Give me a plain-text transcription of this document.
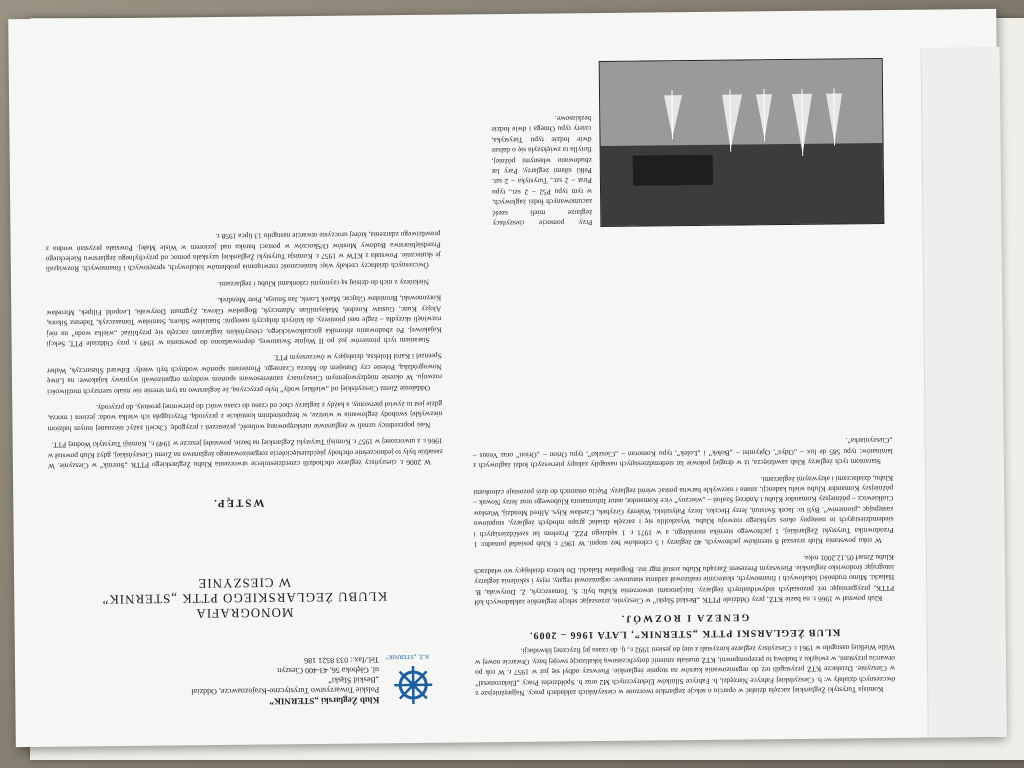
K.Ż. „STERNIK”
Klub Żeglarski „STERNIK”
Polskie Towarzystwo Turystyczno-Krajoznawcze, Oddział
„Beskid Śląski”
ul. Głęboka 56, 43-400 Cieszyn
Tel./fax.: 033 8521 186
MONOGRAFIA
KLUBU ŻEGLARSKIEGO PTTK „STERNIK”
W CIESZYNIE
WSTĘP.

W 2006 r. cieszyńscy żeglarze obchodzili czterdziestolecie utworzenia Klubu Żeglarskiego PTTK „Sternik” w Cieszynie. W zasadzie były to jednocześnie obchody pięćdziesięciolecia zorganizowanego żeglarstwa na Ziemi Cieszyńskiej, gdyż Klub powstał w 1966 r. z utworzonej w 1957 r. Komisji Turystyki Żeglarskiej na bazie, powstałej jeszcze w 1949 r., Komisji Turystyki Wodnej PTT.

Nasi poprzednicy uznali w żeglarstwie nieskrępowaną wolność, przestrzeń i przygodę. Chcieli zażyć nieznanej innym ludziom niezwykłej swobody żeglowania w wietrze, w bezpośrednim kontakcie z przyrodą. Przyciągała ich wielka woda: jeziora i morza, gdzie jest to żywioł pierwotny, a każdy z żeglarzy choć od czasu do czasu wróci do pierwotnej prostoty, do przyrody.

Oddalenie Ziemi Cieszyńskiej od „wielkiej wody” było przyczyną, że żeglarstwo na tym terenie nie miało szerszych możliwości rozwoju. W okresie międzywojennym Cieszyniacy zainteresowani sportem wodnym organizowali wyprawy kajakowe: na Litwę Nowogródzką, Polesie czy Dunajem do Morza Czarnego. Pionierami sportów wodnych byli wtedy: Edward Ślusarczyk, Walter Sprenzel i Karol Holeksa, działający w ówczesnym PTT.

Staraniem tych pionierów już po II Wojnie Światowej, doprowadzono do powstania w 1949 r. przy Oddziale PTT, Sekcji Kajakowej. Po zbudowaniu zbiornika goczałkowickiego, cieszyńskim żeglarzom zaczęła się przybliżać „wielka woda” na niej rozwinęli skrzydła – żagle nasi pionierzy, do których dołączyli następni: Stanisław Sikora, Stanisław Tomaszczyk, Tadeusz Sikora, Alojzy Kunc, Gustaw Kozdoń, Maksymilian Adamczyk, Bogusław Glowa, Zygmunt Dorywała, Leopold Filipek, Mirosław Korzonowski, Bronisław Glajcar, Marek Lorek, Jan Śmieja, Piotr Mendrek.

Niektórzy z nich do dzisiaj są czynnymi członkami Klubu i żeglarzami.

Ówczesnych działaczy czekały więc konieczność rozwiązania problemów lokalowych, sprzętowych i finansowych. Rozwiązali je skutecznie. Powstała z KTW w 1957 r. Komisja Turystyki Żeglarskiej uzyskała pomoc od przychylnego żeglarstwu Kieleckiego Przedsiębiorstwa Budowy Mostów O/Skoczów w postaci baraku nad jeziorem w Wisle Małej. Powstała przystań wodna z prawdziwego zdarzenia, której uroczyste otwarcie nastąpiło 13 lipca 1958 r.

Komisja Turystyki Żeglarskiej zaczęła działać w oparciu o sekcje żeglarskie tworzone w cieszyńskich zakładach pracy. Najprężniejsze z ówczesnych działały w: b. Cieszyńskiej Fabryce Narzędzi, b. Fabryce Silników Elektrycznych M2 oraz b. Spółdzielni Pracy „Elektrometal” w Cieszynie. Działacze KTŻ przystąpili też do organizowania kursów na stopnie żeglarskie. Pierwszy odbył się już w 1957 r. W rok po otwarciu przystani, w związku z budową tu przepompowni, KTŻ musiała zmienić dotychczasową lokalizację swojej bazy. Otwarcie nowej w Wiśle Wielkiej nastąpiło w 1961 r. Cieszyńscy żeglarze korzystali z niej do jesieni 1992 r., tj. do czasu jej fizycznej likwidacji.

KLUB ŻEGLARSKI PTTK „STERNIK”, LATA 1966 – 2009.

GENEZA I ROZWÓJ.

Klub powstał w 1966 r. na bazie KTŻ, przy Oddziale PTTK „Beskid Śląski” w Cieszynie, zrzeszając sekcje żeglarskie zakładowych kół PTTK, przygarniając też pozostałych indywidualnych żeglarzy. Inicjatorami utworzenia Klubu byli: S. Tomaszczyk, Z. Dorywała, B. Hałacki. Mimo trudności lokalowych i finansowych, skutecznie realizował zadania statutowe: organizował regaty, rejsy i szkolenia żeglarzy integrując środowisko żeglarskie. Pierwszym Prezesem Zarządu Klubu został mgr inż. Bogusław Hałacki. Do końca działający we władzach Klubu Zmarł 05.12.2001 roku.

W roku powstania Klub zrzeszał 8 sterników jachtowych, 40 żeglarzy i 5 członków bez stopni. W 1967 r. Klub posiadał ponadto: 1 Przodownika Turystyki Żeglarskiej, 1 jachtowego sternika morskiego, a w 1971 r. 1 sędziego PZŻ. Przełom lat sześćdziesiątych i siedemdziesiątych to następny okres szybkiego rozwoju Klubu. Wyszkolila się i zaczęła działać grupa młodych żeglarzy, stopniowo zastępując „pionierów”. Byli to: Jacek Świstuń, Jerzy Heczko, Jerzy Pałysiński, Walenty Grzybek, Czesław Kłys, Alfred Mendzij, Wiesław Ciołkiewicz – późniejszy Komandor Klubu i Andrzej Szaloń – „wieczny” vice Komandor, autor Informatora Klubowego oraz Jerzy Nowak – późniejszy Komandor Klubu wielu kadencji, znana i niezwykle barwna postać wśród żeglarzy. Pięciu ostatnich do dziś pozostaje członkami Klubu, działaczami i aktywnymi żeglarzami.

Staraniom tych żeglarzy Klub zawdzięcza, iż w drugiej połowie lat siedemdziesiątych nastąpiły zakupy pierwszych łodzi żaglowych z laminatów: typu 585 de lux – „Odys”, Optymist – „Bolek” i „Lolek”, typu Komoran – „Cieszko”, typu Orion – „Orion” oraz Venus – „Cieszyniarka”.

Przy pomocie cieszyńscy żeglarze mieli sześć zacumowanych łodzi żaglowych, w tym typu P52 – 2 szt., typu Pirat – 2 szt., Turystyka – 2 szt. Pełki siłami żeglarzy, Pary lat zbudowano własnymi później, flotylla ta zwiększyła się o dalsze dwie łodzie typu Turystyka, cztery typu Omega i dwie łodzie bezkiasowe.
